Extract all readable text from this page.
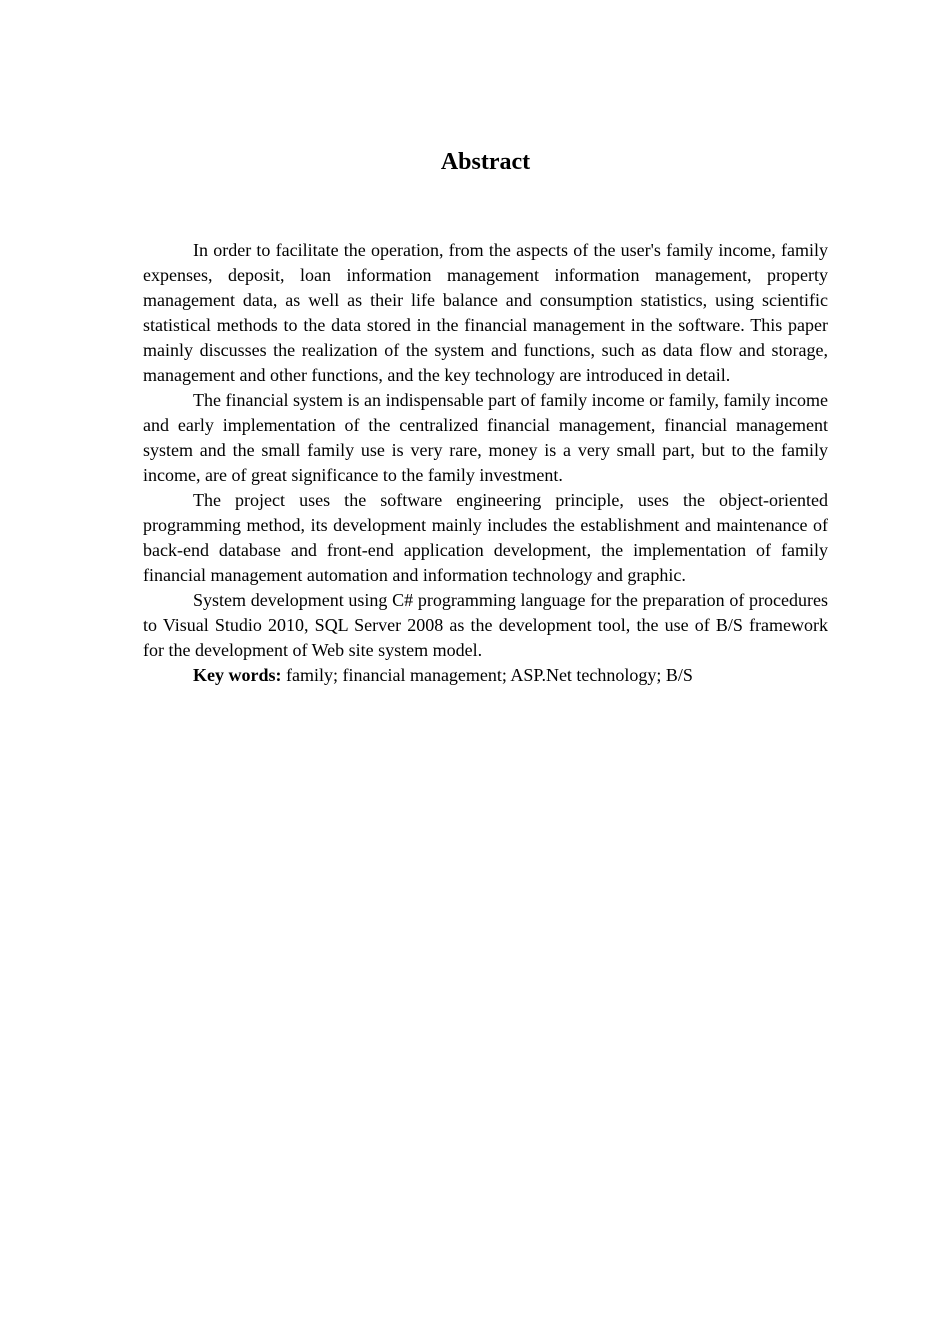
Abstract

In order to facilitate the operation, from the aspects of the user's family income, family expenses, deposit, loan information management information management, property management data, as well as their life balance and consumption statistics, using scientific statistical methods to the data stored in the financial management in the software. This paper mainly discusses the realization of the system and functions, such as data flow and storage, management and other functions, and the key technology are introduced in detail.

The financial system is an indispensable part of family income or family, family income and early implementation of the centralized financial management, financial management system and the small family use is very rare, money is a very small part, but to the family income, are of great significance to the family investment.

The project uses the software engineering principle, uses the object-oriented programming method, its development mainly includes the establishment and maintenance of back-end database and front-end application development, the implementation of family financial management automation and information technology and graphic.

System development using C# programming language for the preparation of procedures to Visual Studio 2010, SQL Server 2008 as the development tool, the use of B/S framework for the development of Web site system model.

Key words: family; financial management; ASP.Net technology; B/S
